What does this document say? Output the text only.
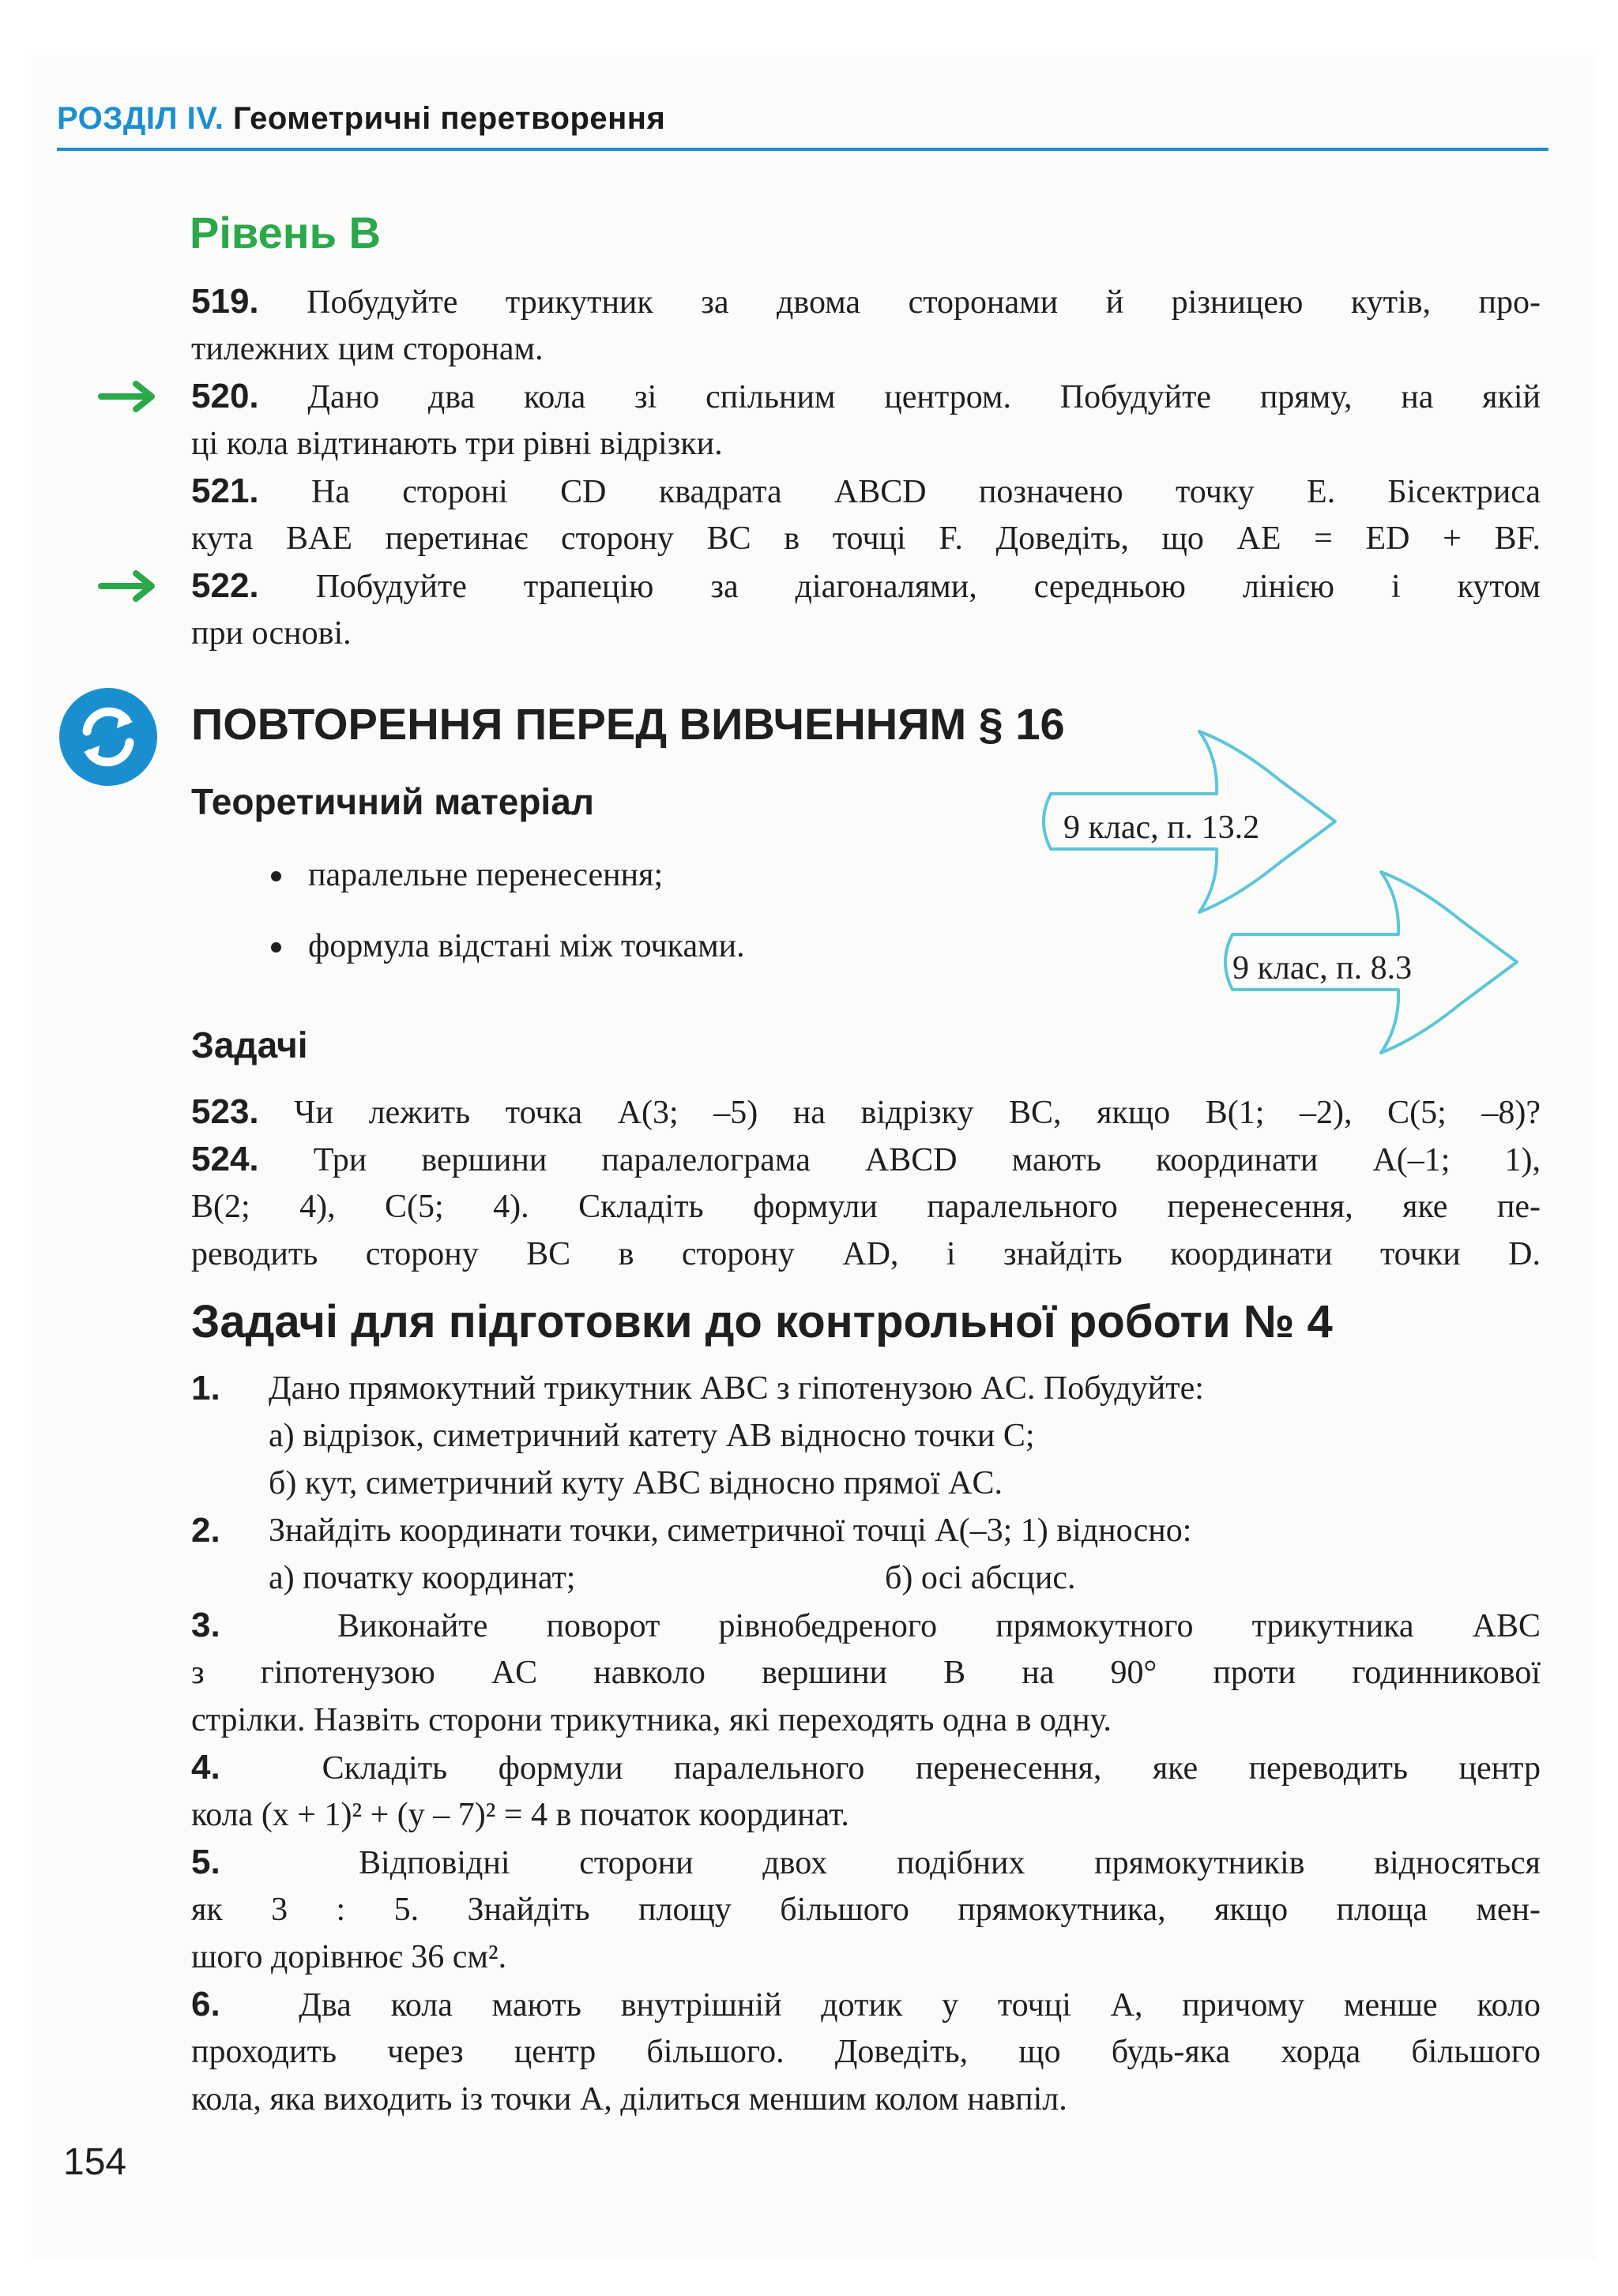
РОЗДІЛ IV. Геометричні перетворення
Рівень В
519. Побудуйте трикутник за двома сторонами й різницею кутів, про-
тилежних цим сторонам.
520. Дано два кола зі спільним центром. Побудуйте пряму, на якій
ці кола відтинають три рівні відрізки.
521. На стороні CD квадрата ABCD позначено точку E. Бісектриса
кута BAE перетинає сторону BC в точці F. Доведіть, що AE = ED + BF.
522. Побудуйте трапецію за діагоналями, середньою лінією і кутом
при основі.
ПОВТОРЕННЯ ПЕРЕД ВИВЧЕННЯМ § 16
Теоретичний матеріал
паралельне перенесення;
формула відстані між точками.
9 клас, п. 13.2
9 клас, п. 8.3
Задачі
523. Чи лежить точка A(3; –5) на відрізку BC, якщо B(1; –2), C(5; –8)?
524. Три вершини паралелограма ABCD мають координати A(–1; 1),
B(2; 4), C(5; 4). Складіть формули паралельного перенесення, яке пе-
реводить сторону BC в сторону AD, і знайдіть координати точки D.
Задачі для підготовки до контрольної роботи № 4
1. Дано прямокутний трикутник ABC з гіпотенузою AC. Побудуйте:
а) відрізок, симетричний катету AB відносно точки C;
б) кут, симетричний куту ABC відносно прямої AC.
2. Знайдіть координати точки, симетричної точці A(–3; 1) відносно:
а) початку координат;	б) осі абсцис.
3.	Виконайте поворот рівнобедреного прямокутного трикутника ABC
з гіпотенузою AC навколо вершини B на 90° проти годинникової
стрілки. Назвіть сторони трикутника, які переходять одна в одну.
4.	Складіть формули паралельного перенесення, яке переводить центр
кола (x + 1)² + (y – 7)² = 4 в початок координат.
5.	Відповідні сторони двох подібних прямокутників відносяться
як 3 : 5. Знайдіть площу більшого прямокутника, якщо площа мен-
шого дорівнює 36 см².
6. Два кола мають внутрішній дотик у точці A, причому менше коло
проходить через центр більшого. Доведіть, що будь-яка хорда більшого
кола, яка виходить із точки A, ділиться меншим колом навпіл.
154
